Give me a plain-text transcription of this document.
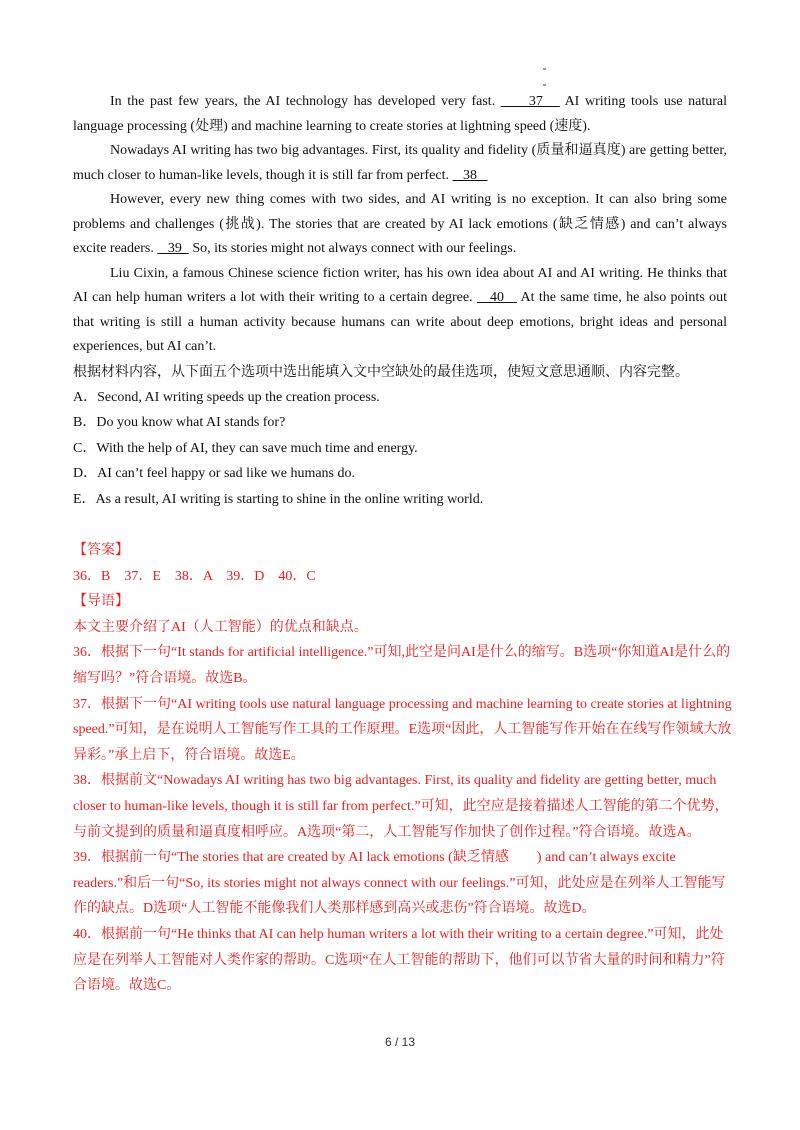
In the past few years, the AI technology has developed very fast.      37    AI writing tools use natural language processing (处理) and machine learning to create stories at lightning speed (速度).

Nowadays AI writing has two big advantages. First, its quality and fidelity (质量和逼真度) are getting better, much closer to human-like levels, though it is still far from perfect.    38

However, every new thing comes with two sides, and AI writing is no exception. It can also bring some problems and challenges (挑战). The stories that are created by AI lack emotions (缺乏情感) and can’t always excite readers.    39   So, its stories might not always connect with our feelings.

Liu Cixin, a famous Chinese science fiction writer, has his own idea about AI and AI writing. He thinks that AI can help human writers a lot with their writing to a certain degree.    40    At the same time, he also points out that writing is still a human activity because humans can write about deep emotions, bright ideas and personal experiences, but AI can’t.

根据材料内容，从下面五个选项中选出能填入文中空缺处的最佳选项，使短文意思通顺、内容完整。

A．Second, AI writing speeds up the creation process.

B．Do you know what AI stands for?

C．With the help of AI, they can save much time and energy.

D．AI can’t feel happy or sad like we humans do.

E．As a result, AI writing is starting to shine in the online writing world.

【答案】

36．B　37．E　38．A　39．D　40．C

【导语】

本文主要介绍了AI（人工智能）的优点和缺点。

36．根据下一句“It stands for artificial intelligence.”可知,此空是问AI是什么的缩写。B选项“你知道AI是什么的缩写吗？”符合语境。故选B。

37．根据下一句“AI writing tools use natural language processing and machine learning to create stories at lightning speed.”可知，是在说明人工智能写作工具的工作原理。E选项“因此，人工智能写作开始在在线写作领域大放异彩。”承上启下，符合语境。故选E。

38．根据前文“Nowadays AI writing has two big advantages. First, its quality and fidelity are getting better, much closer to human-like levels, though it is still far from perfect.”可知，此空应是接着描述人工智能的第二个优势，与前文提到的质量和逼真度相呼应。A选项“第二，人工智能写作加快了创作过程。”符合语境。故选A。

39．根据前一句“The stories that are created by AI lack emotions (缺乏情感　　) and can’t always excite readers.”和后一句“So, its stories might not always connect with our feelings.”可知，此处应是在列举人工智能写作的缺点。D选项“人工智能不能像我们人类那样感到高兴或悲伤”符合语境。故选D。

40．根据前一句“He thinks that AI can help human writers a lot with their writing to a certain degree.”可知，此处应是在列举人工智能对人类作家的帮助。C选项“在人工智能的帮助下，他们可以节省大量的时间和精力”符合语境。故选C。

6 / 13
